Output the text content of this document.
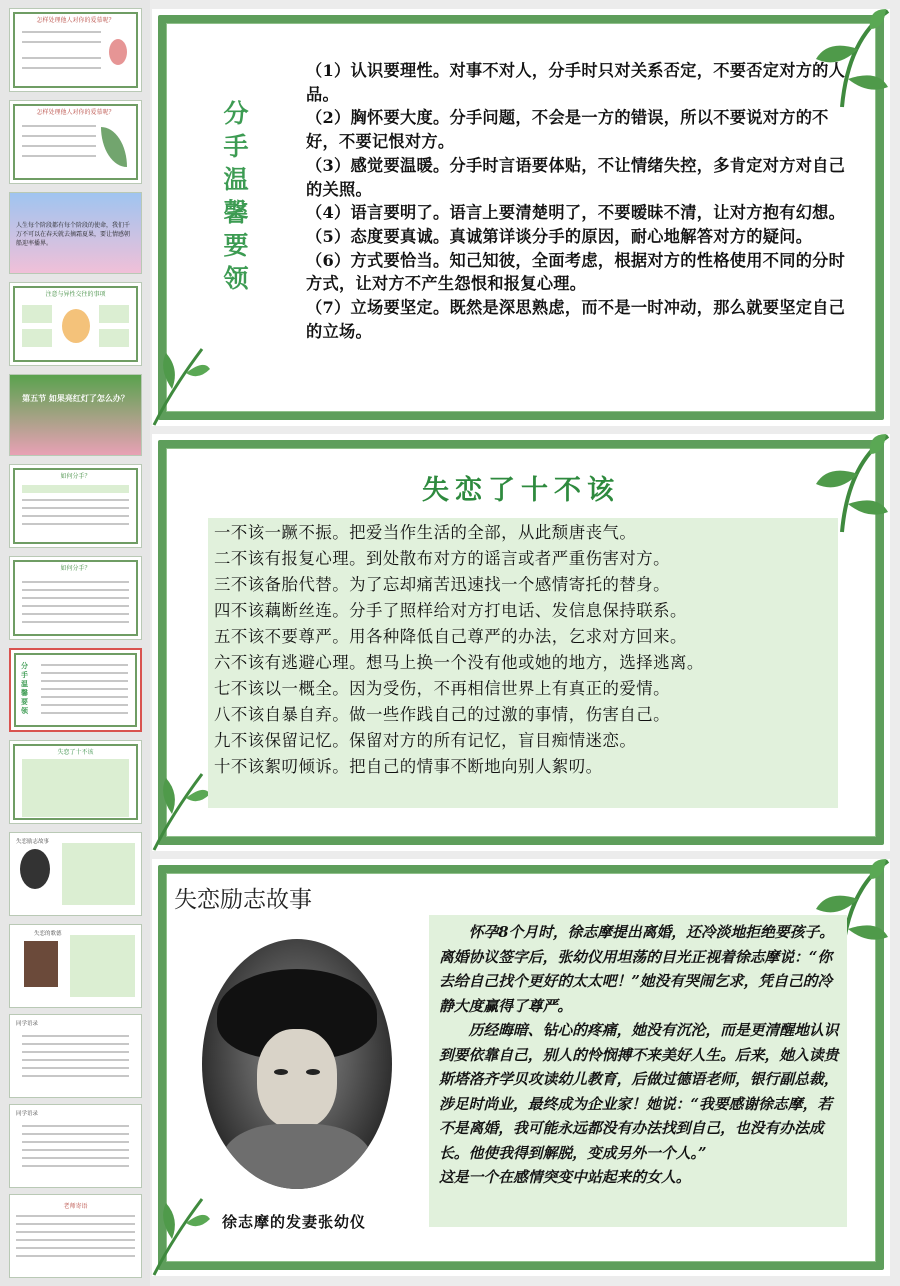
怎样处理他人对你的爱慕呢？
怎样处理他人对你的爱慕呢？
人生每个阶段都有每个阶段的使命，我们千万不可以在春天就去摘霜夏果，要让情感朝船迎率播界。
注意与异性交往的事项
第五节 如果亮红灯了怎么办？
如何分手？
如何分手？
分手温馨要领
失恋了十不该
失恋励志故事
失恋的歌德
同学语录
同学语录
老师寄语
分手温馨要领
（1）认识要理性。对事不对人，分手时只对关系否定，不要否定对方的人品。
（2）胸怀要大度。分手问题，不会是一方的错误，所以不要说对方的不好，不要记恨对方。
（3）感觉要温暖。分手时言语要体贴，不让情绪失控，多肯定对方对自己的关照。
（4）语言要明了。语言上要清楚明了，不要暧昧不清，让对方抱有幻想。
（5）态度要真诚。真诚第详谈分手的原因，耐心地解答对方的疑问。
（6）方式要恰当。知己知彼，全面考虑，根据对方的性格使用不同的分时方式，让对方不产生怨恨和报复心理。
（7）立场要坚定。既然是深思熟虑，而不是一时冲动，那么就要坚定自己的立场。
失恋了十不该
一不该一蹶不振。把爱当作生活的全部，从此颓唐丧气。
二不该有报复心理。到处散布对方的谣言或者严重伤害对方。
三不该备胎代替。为了忘却痛苦迅速找一个感情寄托的替身。
四不该藕断丝连。分手了照样给对方打电话、发信息保持联系。
五不该不要尊严。用各种降低自己尊严的办法，乞求对方回来。
六不该有逃避心理。想马上换一个没有他或她的地方，选择逃离。
七不该以一概全。因为受伤，不再相信世界上有真正的爱情。
八不该自暴自弃。做一些作践自己的过激的事情，伤害自己。
九不该保留记忆。保留对方的所有记忆，盲目痴情迷恋。
十不该絮叨倾诉。把自己的情事不断地向别人絮叨。
失恋励志故事
徐志摩的发妻张幼仪

怀孕8个月时，徐志摩提出离婚，还冷淡地拒绝要孩子。离婚协议签字后，张幼仪用坦荡的目光正视着徐志摩说：“你去给自己找个更好的太太吧！”她没有哭闹乞求，凭自己的冷静大度赢得了尊严。

历经晦暗、钻心的疼痛，她没有沉沦，而是更清醒地认识到要依靠自己，别人的怜悯搏不来美好人生。后来，她入读贵斯塔洛齐学贝攻读幼儿教育，后做过德语老师，银行副总裁，涉足时尚业，最终成为企业家！她说：“我要感谢徐志摩，若不是离婚，我可能永远都没有办法找到自己，也没有办法成长。他使我得到解脱，变成另外一个人。”

这是一个在感情突变中站起来的女人。
